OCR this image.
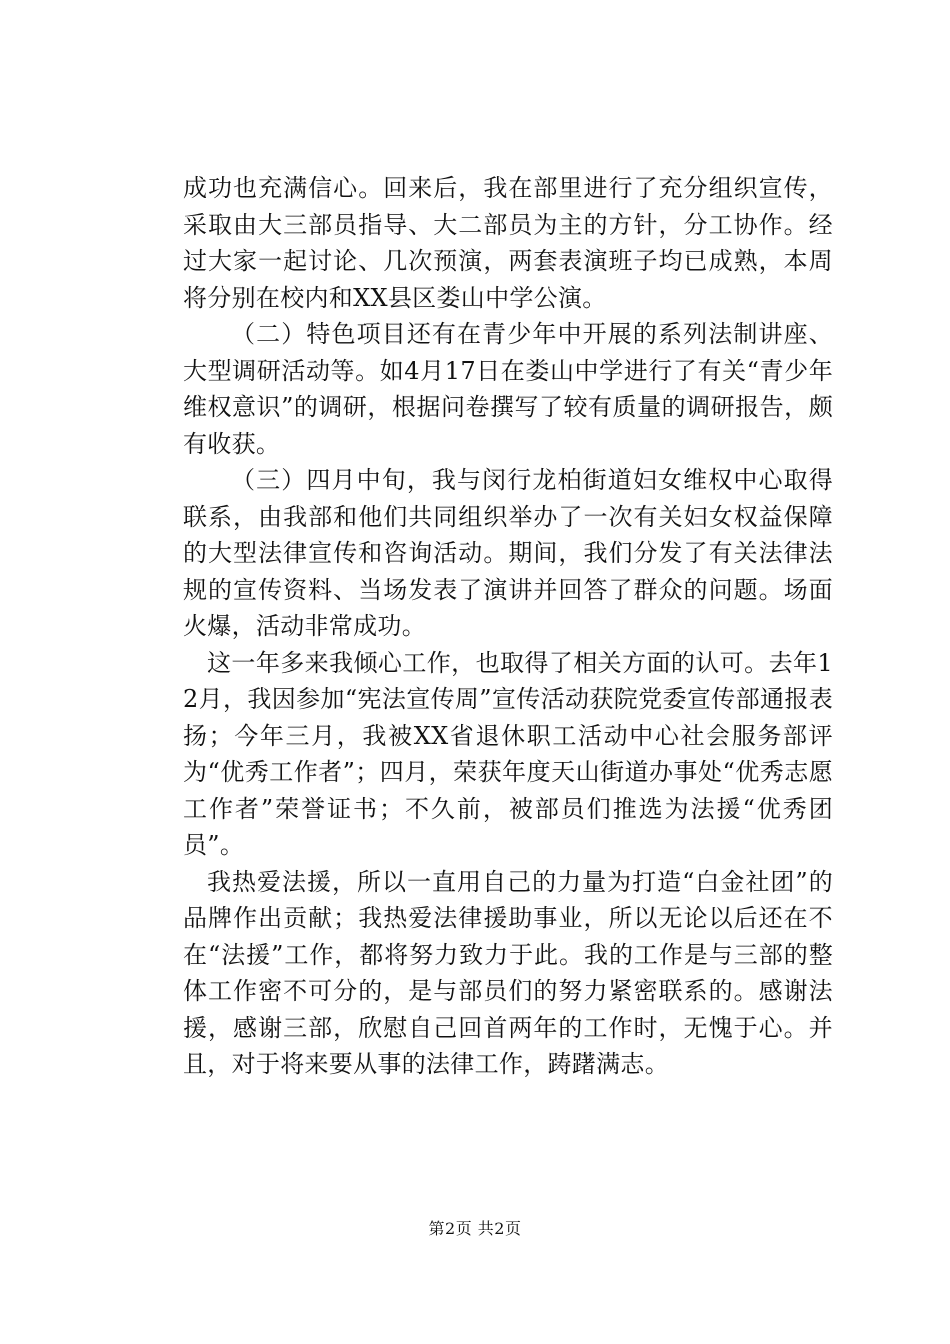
成功也充满信心。回来后，我在部里进行了充分组织宣传，采取由大三部员指导、大二部员为主的方针，分工协作。经过大家一起讨论、几次预演，两套表演班子均已成熟，本周将分别在校内和XX县区娄山中学公演。

（二）特色项目还有在青少年中开展的系列法制讲座、大型调研活动等。如4月17日在娄山中学进行了有关“青少年维权意识”的调研，根据问卷撰写了较有质量的调研报告，颇有收获。

（三）四月中旬，我与闵行龙柏街道妇女维权中心取得联系，由我部和他们共同组织举办了一次有关妇女权益保障的大型法律宣传和咨询活动。期间，我们分发了有关法律法规的宣传资料、当场发表了演讲并回答了群众的问题。场面火爆，活动非常成功。

这一年多来我倾心工作，也取得了相关方面的认可。去年12月，我因参加“宪法宣传周”宣传活动获院党委宣传部通报表扬；今年三月，我被XX省退休职工活动中心社会服务部评为“优秀工作者”；四月，荣获年度天山街道办事处“优秀志愿工作者”荣誉证书；不久前，被部员们推选为法援“优秀团员”。

我热爱法援，所以一直用自己的力量为打造“白金社团”的品牌作出贡献；我热爱法律援助事业，所以无论以后还在不在“法援”工作，都将努力致力于此。我的工作是与三部的整体工作密不可分的，是与部员们的努力紧密联系的。感谢法援，感谢三部，欣慰自己回首两年的工作时，无愧于心。并且，对于将来要从事的法律工作，踌躇满志。

第2页 共2页
